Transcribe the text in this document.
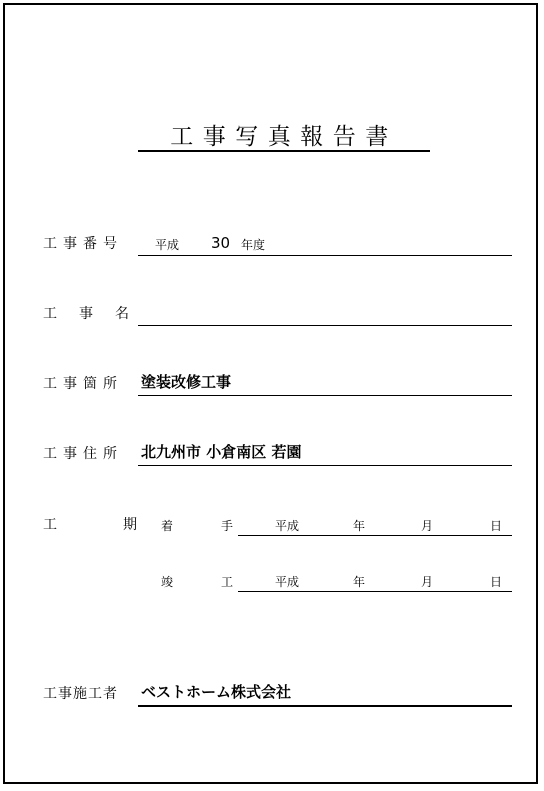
工事写真報告書
工事番号	平成 30 年度
工　事　名
工事箇所 塗装改修工事
工事住所 北九州市 小倉南区 若園
工　期
着　手 平成	年	月	日
竣　工 平成	年	月	日
工事施工者 ベストホーム株式会社
